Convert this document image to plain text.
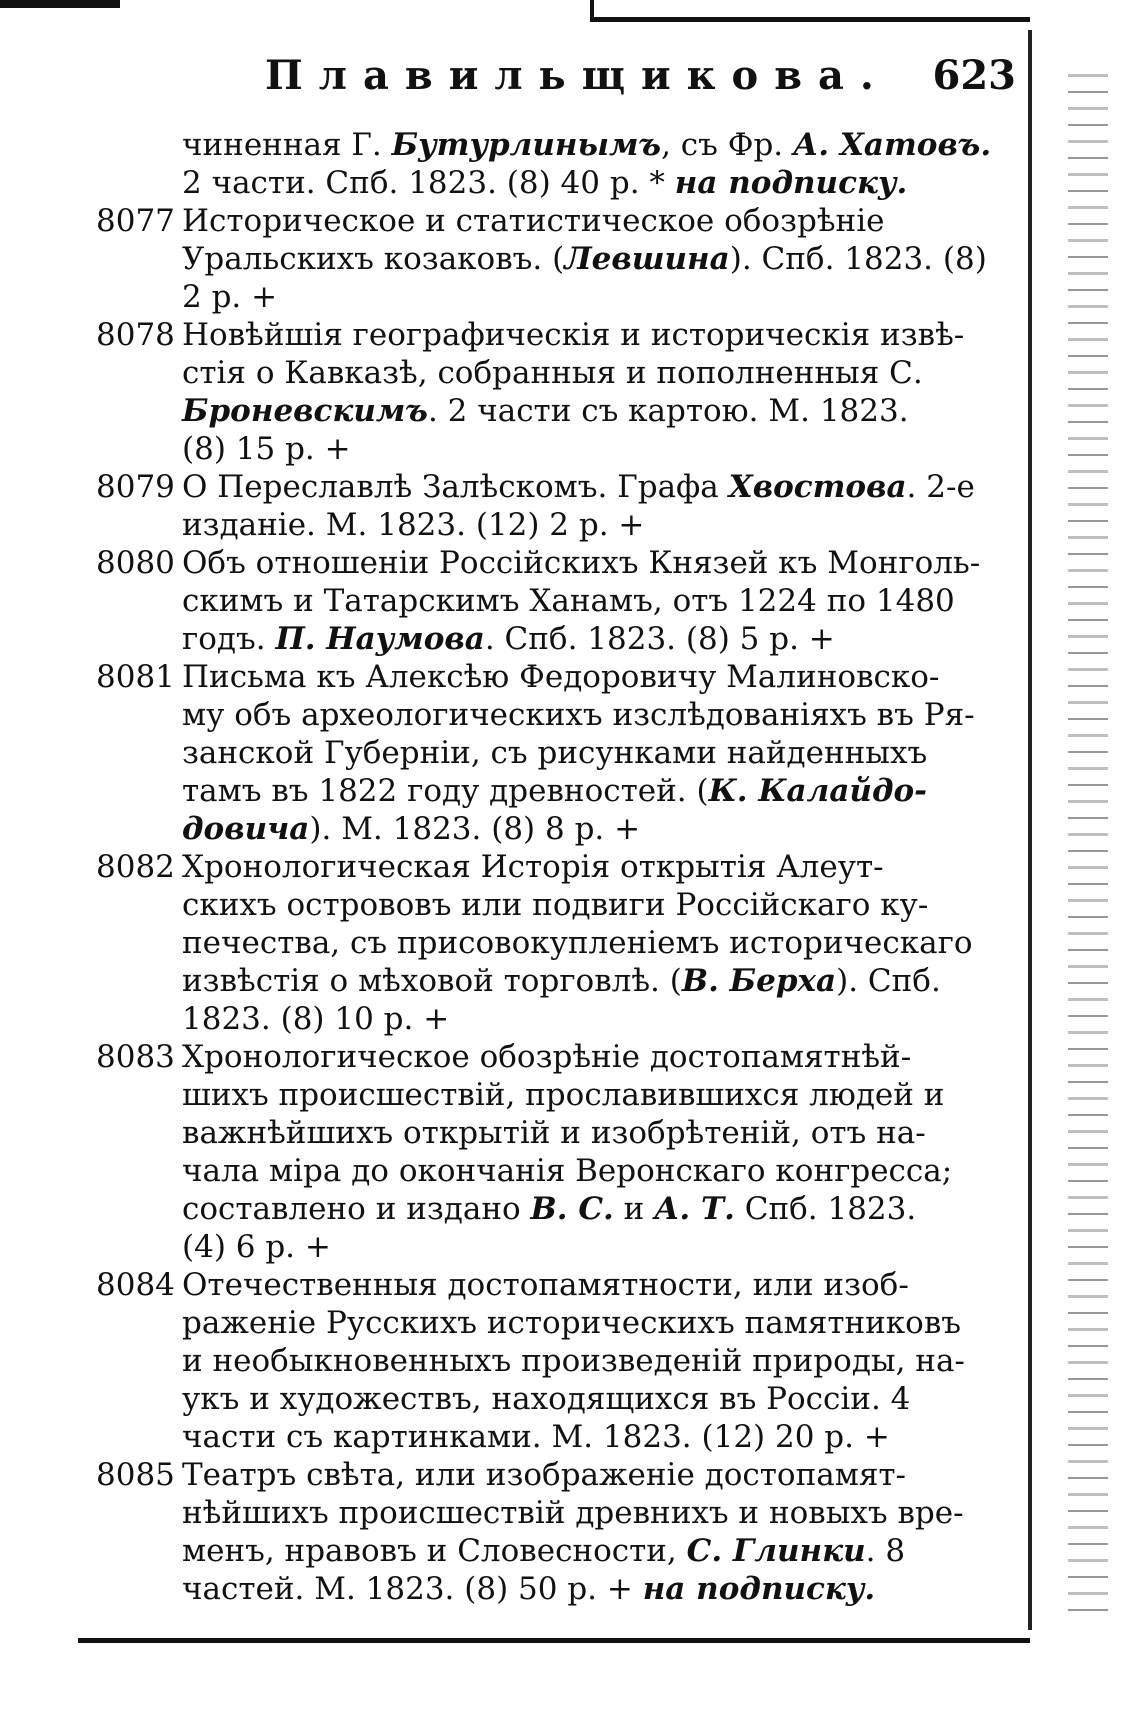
Плавильщикова. 623
чиненная Г. Бутурлинымъ, съ Фр. А. Хатовъ.
2 части. Спб. 1823. (8) 40 р. * на подписку.
8077 Историческое и статистическое обозрѣніе
Уральскихъ козаковъ. (Левшина). Спб. 1823. (8)
2 р. +
8078 Новѣйшія географическія и историческія извѣ-
стія о Кавказѣ, собранныя и пополненныя С.
Броневскимъ. 2 части съ картою. М. 1823.
(8) 15 р. +
8079 О Переславлѣ Залѣскомъ. Графа Хвостова. 2-е
изданіе. М. 1823. (12) 2 р. +
8080 Объ отношеніи Россійскихъ Князей къ Монголь-
скимъ и Татарскимъ Ханамъ, отъ 1224 по 1480
годъ. П. Наумова. Спб. 1823. (8) 5 р. +
8081 Письма къ Алексѣю Федоровичу Малиновско-
му объ археологическихъ изслѣдованіяхъ въ Ря-
занской Губерніи, съ рисунками найденныхъ
тамъ въ 1822 году древностей. (К. Калайдо-
довича). М. 1823. (8) 8 р. +
8082 Хронологическая Исторія открытія Алеут-
скихъ острововъ или подвиги Россійскаго ку-
печества, съ присовокупленіемъ историческаго
извѣстія о мѣховой торговлѣ. (В. Берха). Спб.
1823. (8) 10 р. +
8083 Хронологическое обозрѣніе достопамятнѣй-
шихъ происшествій, прославившихся людей и
важнѣйшихъ открытій и изобрѣтеній, отъ на-
чала міра до окончанія Веронскаго конгресса;
составлено и издано В. С. и А. Т. Спб. 1823.
(4) 6 р. +
8084 Отечественныя достопамятности, или изоб-
раженіе Русскихъ историческихъ памятниковъ
и необыкновенныхъ произведеній природы, на-
укъ и художествъ, находящихся въ Россіи. 4
части съ картинками. М. 1823. (12) 20 р. +
8085 Театръ свѣта, или изображеніе достопамят-
нѣйшихъ происшествій древнихъ и новыхъ вре-
менъ, нравовъ и Словесности, С. Глинки. 8
частей. М. 1823. (8) 50 р. + на подписку.
